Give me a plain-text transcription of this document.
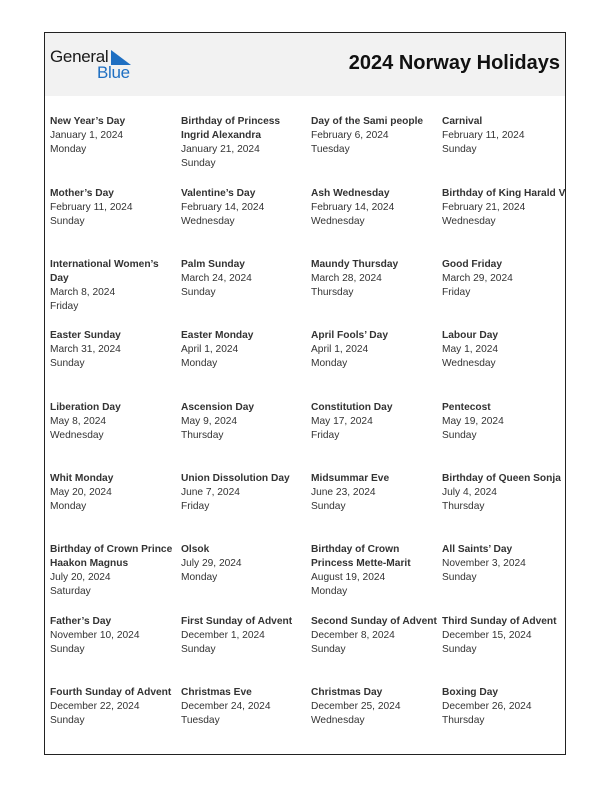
General
Blue	2024 Norway Holidays
New Year’s Day
January 1, 2024
Monday
Birthday of Princess Ingrid Alexandra
January 21, 2024
Sunday
Day of the Sami people
February 6, 2024
Tuesday
Carnival
February 11, 2024
Sunday
Mother’s Day
February 11, 2024
Sunday
Valentine’s Day
February 14, 2024
Wednesday
Ash Wednesday
February 14, 2024
Wednesday
Birthday of King Harald V
February 21, 2024
Wednesday
International Women’s Day
March 8, 2024
Friday
Palm Sunday
March 24, 2024
Sunday
Maundy Thursday
March 28, 2024
Thursday
Good Friday
March 29, 2024
Friday
Easter Sunday
March 31, 2024
Sunday
Easter Monday
April 1, 2024
Monday
April Fools’ Day
April 1, 2024
Monday
Labour Day
May 1, 2024
Wednesday
Liberation Day
May 8, 2024
Wednesday
Ascension Day
May 9, 2024
Thursday
Constitution Day
May 17, 2024
Friday
Pentecost
May 19, 2024
Sunday
Whit Monday
May 20, 2024
Monday
Union Dissolution Day
June 7, 2024
Friday
Midsummar Eve
June 23, 2024
Sunday
Birthday of Queen Sonja
July 4, 2024
Thursday
Birthday of Crown Prince Haakon Magnus
July 20, 2024
Saturday
Olsok
July 29, 2024
Monday
Birthday of Crown Princess Mette-Marit
August 19, 2024
Monday
All Saints’ Day
November 3, 2024
Sunday
Father’s Day
November 10, 2024
Sunday
First Sunday of Advent
December 1, 2024
Sunday
Second Sunday of Advent
December 8, 2024
Sunday
Third Sunday of Advent
December 15, 2024
Sunday
Fourth Sunday of Advent
December 22, 2024
Sunday
Christmas Eve
December 24, 2024
Tuesday
Christmas Day
December 25, 2024
Wednesday
Boxing Day
December 26, 2024
Thursday
